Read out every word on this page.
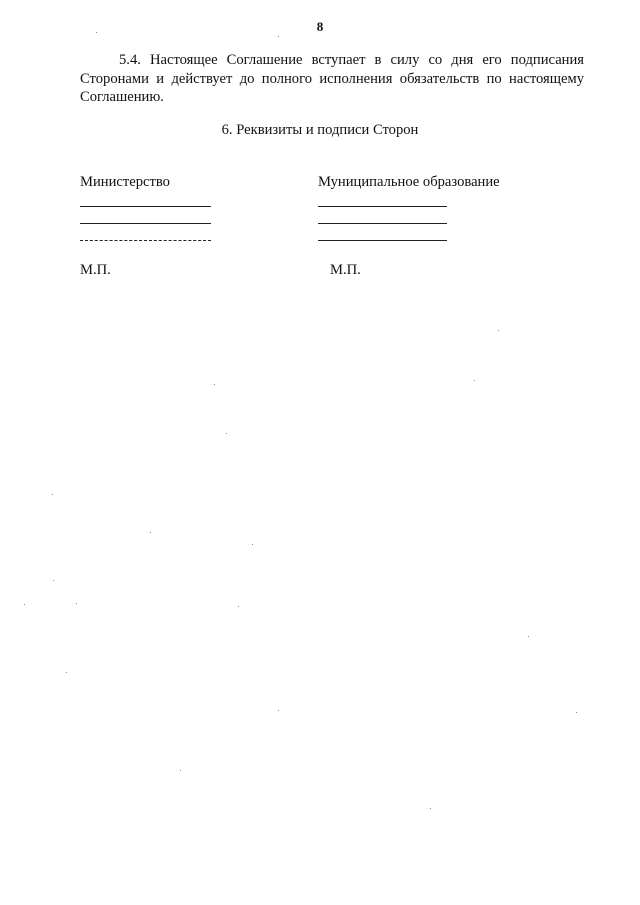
8

5.4. Настоящее Соглашение вступает в силу со дня его подписания Сторонами и действует до полного исполнения обязательств по настоящему Соглашению.

6. Реквизиты и подписи Сторон
Министерство	Муниципальное образование
М.П.	М.П.
